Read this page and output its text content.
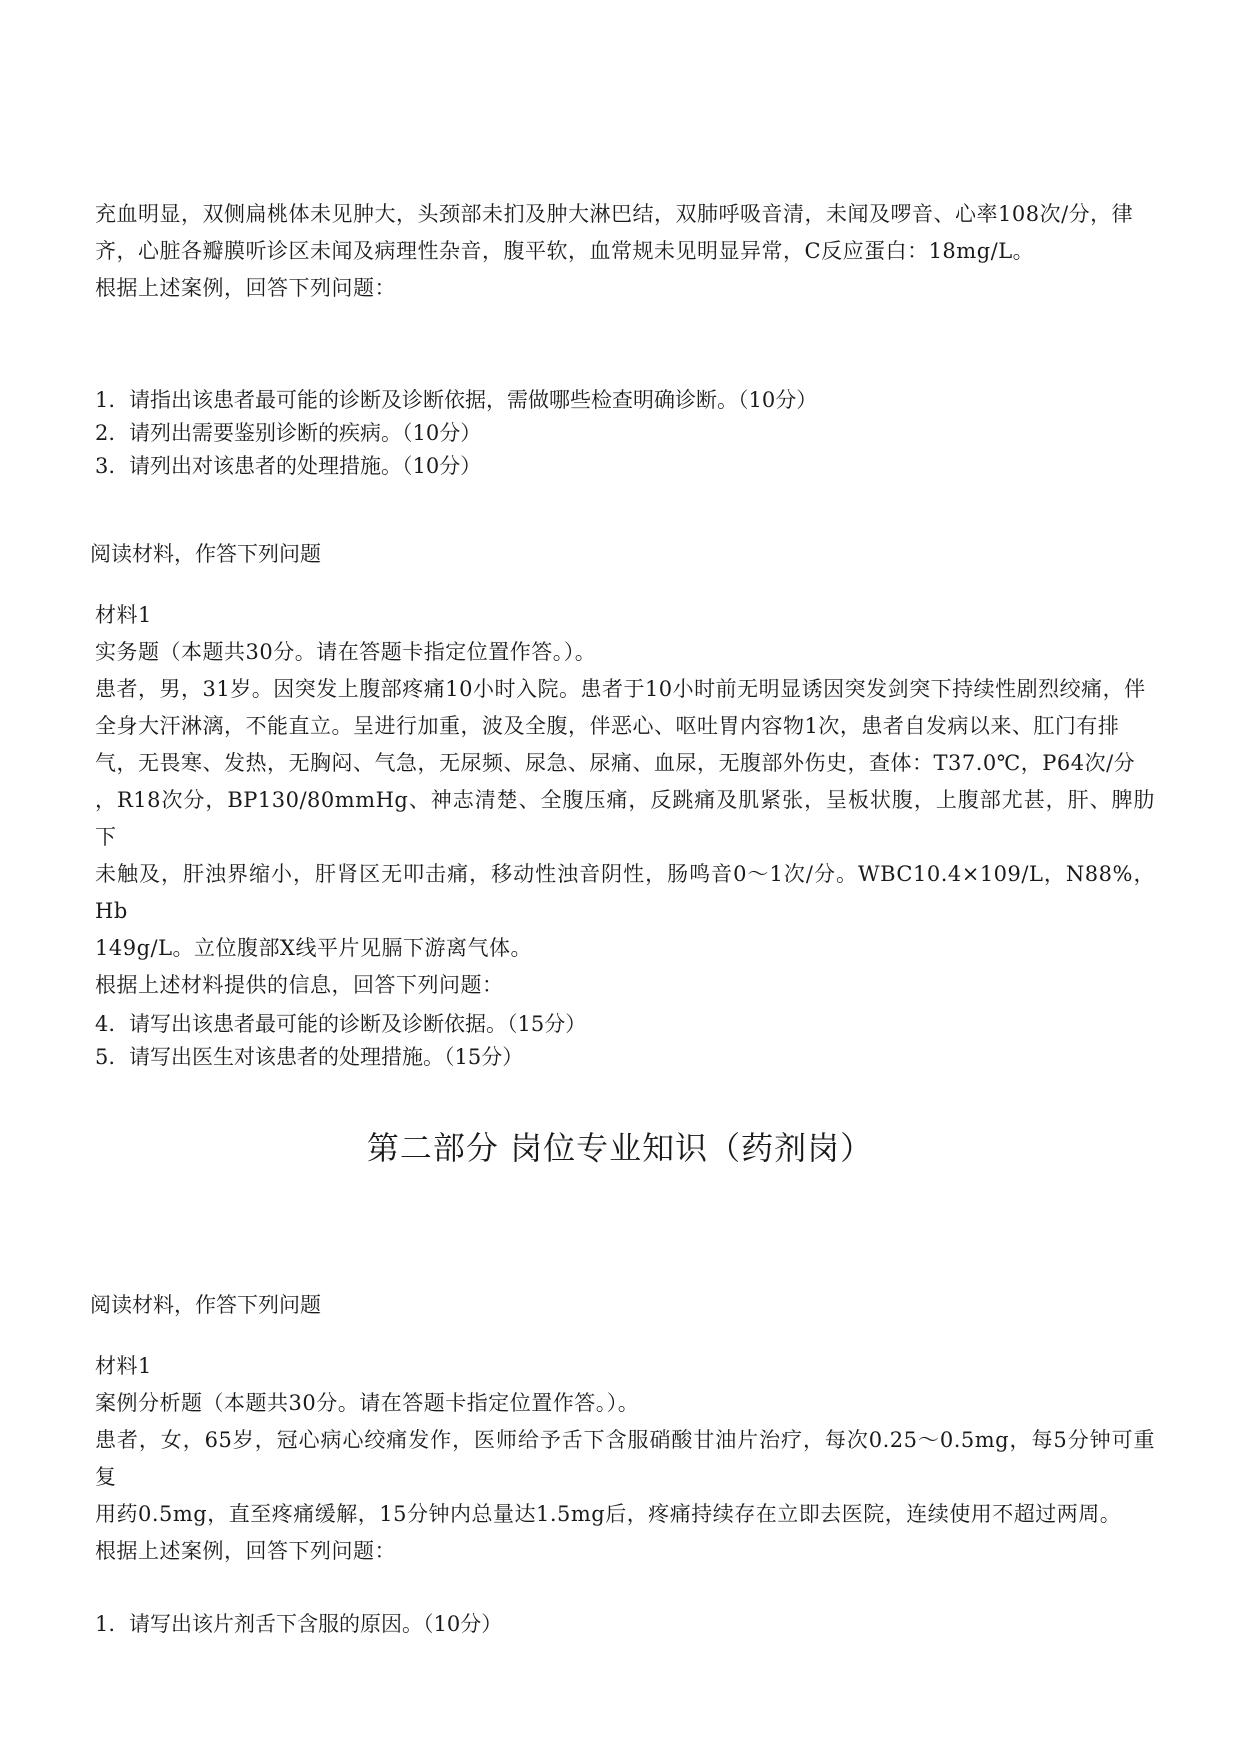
充血明显，双侧扁桃体未见肿大，头颈部未扪及肿大淋巴结，双肺呼吸音清，未闻及啰音、心率108次/分，律

齐，心脏各瓣膜听诊区未闻及病理性杂音，腹平软，血常规未见明显异常，C反应蛋白：18mg/L。

根据上述案例，回答下列问题：

1. 请指出该患者最可能的诊断及诊断依据，需做哪些检查明确诊断。（10分）

2. 请列出需要鉴别诊断的疾病。（10分）

3. 请列出对该患者的处理措施。（10分）

阅读材料，作答下列问题

材料1

实务题（本题共30分。请在答题卡指定位置作答。）。

患者，男，31岁。因突发上腹部疼痛10小时入院。患者于10小时前无明显诱因突发剑突下持续性剧烈绞痛，伴

全身大汗淋漓，不能直立。呈进行加重，波及全腹，伴恶心、呕吐胃内容物1次，患者自发病以来、肛门有排

气，无畏寒、发热，无胸闷、气急，无尿频、尿急、尿痛、血尿，无腹部外伤史，查体：T37.0℃，P64次/分

，R18次分，BP130/80mmHg、神志清楚、全腹压痛，反跳痛及肌紧张，呈板状腹，上腹部尤甚，肝、脾肋下

未触及，肝浊界缩小，肝肾区无叩击痛，移动性浊音阴性，肠鸣音0～1次/分。WBC10.4×109/L，N88%，Hb

149g/L。立位腹部X线平片见膈下游离气体。

根据上述材料提供的信息，回答下列问题：

4. 请写出该患者最可能的诊断及诊断依据。（15分）

5. 请写出医生对该患者的处理措施。（15分）

第二部分 岗位专业知识（药剂岗）

阅读材料，作答下列问题

材料1

案例分析题（本题共30分。请在答题卡指定位置作答。）。

患者，女，65岁，冠心病心绞痛发作，医师给予舌下含服硝酸甘油片治疗，每次0.25～0.5mg，每5分钟可重复

用药0.5mg，直至疼痛缓解，15分钟内总量达1.5mg后，疼痛持续存在立即去医院，连续使用不超过两周。

根据上述案例，回答下列问题：

1. 请写出该片剂舌下含服的原因。（10分）
